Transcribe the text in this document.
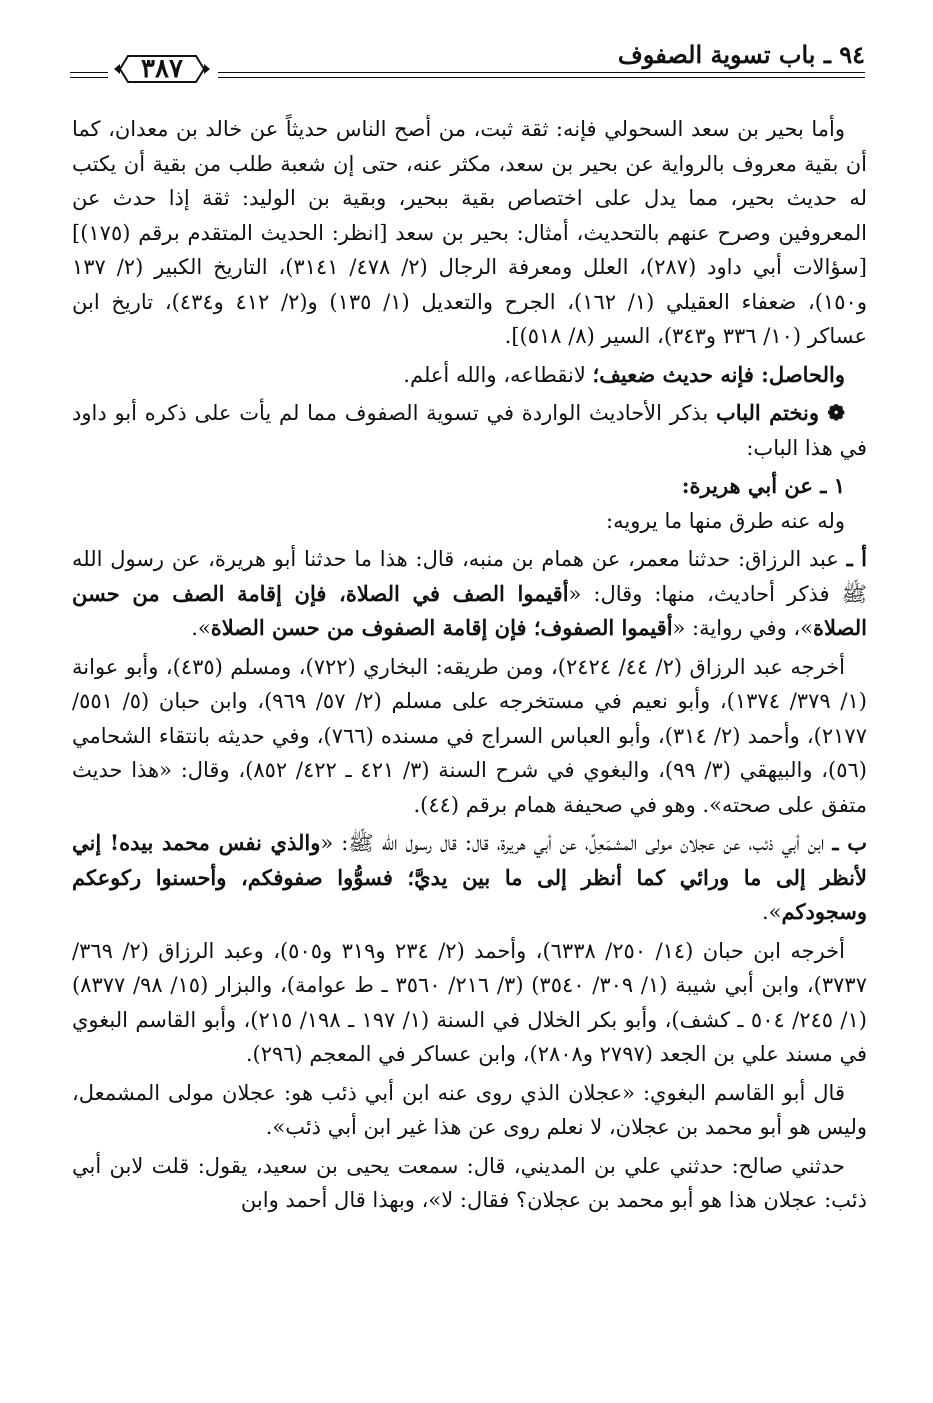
٩٤ ـ باب تسوية الصفوف
٣٨٧

وأما بحير بن سعد السحولي فإنه: ثقة ثبت، من أصح الناس حديثاً عن خالد بن معدان، كما أن بقية معروف بالرواية عن بحير بن سعد، مكثر عنه، حتى إن شعبة طلب من بقية أن يكتب له حديث بحير، مما يدل على اختصاص بقية ببحير، وبقية بن الوليد: ثقة إذا حدث عن المعروفين وصرح عنهم بالتحديث، أمثال: بحير بن سعد [انظر: الحديث المتقدم برقم (١٧٥)] [سؤالات أبي داود (٢٨٧)، العلل ومعرفة الرجال (٢/ ٤٧٨/ ٣١٤١)، التاريخ الكبير (٢/ ١٣٧ و١٥٠)، ضعفاء العقيلي (١/ ١٦٢)، الجرح والتعديل (١/ ١٣٥) و(٢/ ٤١٢ و٤٣٤)، تاريخ ابن عساكر (١٠/ ٣٣٦ و٣٤٣)، السير (٨/ ٥١٨)].

والحاصل: فإنه حديث ضعيف؛ لانقطاعه، والله أعلم.

❁ ونختم الباب بذكر الأحاديث الواردة في تسوية الصفوف مما لم يأت على ذكره أبو داود في هذا الباب:

١ ـ عن أبي هريرة:

وله عنه طرق منها ما يرويه:

أ ـ عبد الرزاق: حدثنا معمر، عن همام بن منبه، قال: هذا ما حدثنا أبو هريرة، عن رسول الله ﷺ فذكر أحاديث، منها: وقال: «أقيموا الصف في الصلاة، فإن إقامة الصف من حسن الصلاة»، وفي رواية: «أقيموا الصفوف؛ فإن إقامة الصفوف من حسن الصلاة».

أخرجه عبد الرزاق (٢/ ٤٤/ ٢٤٢٤)، ومن طريقه: البخاري (٧٢٢)، ومسلم (٤٣٥)، وأبو عوانة (١/ ٣٧٩/ ١٣٧٤)، وأبو نعيم في مستخرجه على مسلم (٢/ ٥٧/ ٩٦٩)، وابن حبان (٥/ ٥٥١/ ٢١٧٧)، وأحمد (٢/ ٣١٤)، وأبو العباس السراج في مسنده (٧٦٦)، وفي حديثه بانتقاء الشحامي (٥٦)، والبيهقي (٣/ ٩٩)، والبغوي في شرح السنة (٣/ ٤٢١ ـ ٤٢٢/ ٨٥٢)، وقال: «هذا حديث متفق على صحته». وهو في صحيفة همام برقم (٤٤).

ب ـ ابن أبي ذئب، عن عجلان مولى المشمَعِلِّ، عن أبي هريرة، قال: قال رسول الله ﷺ: «والذي نفس محمد بيده! إني لأنظر إلى ما ورائي كما أنظر إلى ما بين يديَّ؛ فسوُّوا صفوفكم، وأحسنوا ركوعكم وسجودكم».

أخرجه ابن حبان (١٤/ ٢٥٠/ ٦٣٣٨)، وأحمد (٢/ ٢٣٤ و٣١٩ و٥٠٥)، وعبد الرزاق (٢/ ٣٦٩/ ٣٧٣٧)، وابن أبي شيبة (١/ ٣٠٩/ ٣٥٤٠) (٣/ ٢١٦/ ٣٥٦٠ ـ ط عوامة)، والبزار (١٥/ ٩٨/ ٨٣٧٧) (١/ ٢٤٥/ ٥٠٤ ـ كشف)، وأبو بكر الخلال في السنة (١/ ١٩٧ ـ ١٩٨/ ٢١٥)، وأبو القاسم البغوي في مسند علي بن الجعد (٢٧٩٧ و٢٨٠٨)، وابن عساكر في المعجم (٢٩٦).

قال أبو القاسم البغوي: «عجلان الذي روى عنه ابن أبي ذئب هو: عجلان مولى المشمعل، وليس هو أبو محمد بن عجلان، لا نعلم روى عن هذا غير ابن أبي ذئب».

حدثني صالح: حدثني علي بن المديني، قال: سمعت يحيى بن سعيد، يقول: قلت لابن أبي ذئب: عجلان هذا هو أبو محمد بن عجلان؟ فقال: لا»، وبهذا قال أحمد وابن
